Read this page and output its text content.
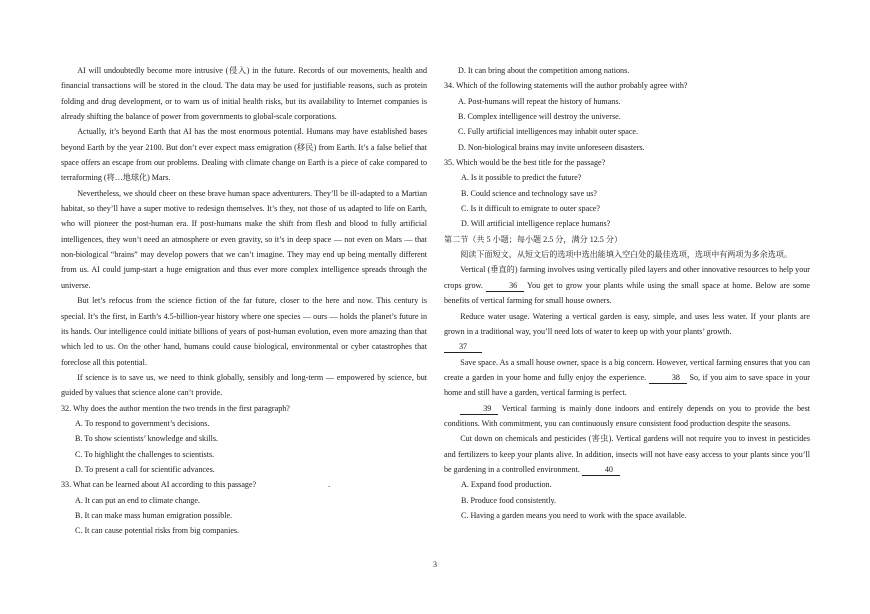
AI will undoubtedly become more intrusive (侵入) in the future. Records of our movements, health and financial transactions will be stored in the cloud. The data may be used for justifiable reasons, such as protein folding and drug development, or to warn us of initial health risks, but its availability to Internet companies is already shifting the balance of power from governments to global-scale corporations.

Actually, it’s beyond Earth that AI has the most enormous potential. Humans may have established bases beyond Earth by the year 2100. But don’t ever expect mass emigration (移民) from Earth. It’s a false belief that space offers an escape from our problems. Dealing with climate change on Earth is a piece of cake compared to terraforming (将…地球化) Mars.

Nevertheless, we should cheer on these brave human space adventurers. They’ll be ill-adapted to a Martian habitat, so they’ll have a super motive to redesign themselves. It’s they, not those of us adapted to life on Earth, who will pioneer the post-human era. If post-humans make the shift from flesh and blood to fully artificial intelligences, they won’t need an atmosphere or even gravity, so it’s in deep space — not even on Mars — that non-biological “brains” may develop powers that we can’t imagine. They may end up being mentally different from us. AI could jump-start a huge emigration and thus ever more complex intelligence spreads through the universe.

But let’s refocus from the science fiction of the far future, closer to the here and now. This century is special. It’s the first, in Earth’s 4.5-billion-year history where one species — ours — holds the planet’s future in its hands. Our intelligence could initiate billions of years of post-human evolution, even more amazing than that which led to us. On the other hand, humans could cause biological, environmental or cyber catastrophes that foreclose all this potential.

If science is to save us, we need to think globally, sensibly and long-term — empowered by science, but guided by values that science alone can’t provide.

32. Why does the author mention the two trends in the first paragraph?

A. To respond to government’s decisions.

B. To show scientists’ knowledge and skills.

C. To highlight the challenges to scientists.

D. To present a call for scientific advances.

33. What can be learned about AI according to this passage?	.

A. It can put an end to climate change.

B. It can make mass human emigration possible.

C. It can cause potential risks from big companies.

D. It can bring about the competition among nations.

34. Which of the following statements will the author probably agree with?

A. Post-humans will repeat the history of humans.

B. Complex intelligence will destroy the universe.

C. Fully artificial intelligences may inhabit outer space.

D. Non-biological brains may invite unforeseen disasters.

35. Which would be the best title for the passage?

A. Is it possible to predict the future?

B. Could science and technology save us?

C. Is it difficult to emigrate to outer space?

D. Will artificial intelligence replace humans?

第二节（共 5 小题；每小题 2.5 分，满分 12.5 分）

阅读下面短文，从短文后的选项中选出能填入空白处的最佳选项，选项中有两项为多余选项。

Vertical (垂直的) farming involves using vertically piled layers and other innovative resources to help your crops grow.	36 You get to grow your plants while using the small space at home. Below are some benefits of vertical farming for small house owners.

Reduce water usage. Watering a vertical garden is easy, simple, and uses less water. If your plants are grown in a traditional way, you’ll need lots of water to keep up with your plants’ growth.

37

Save space. As a small house owner, space is a big concern. However, vertical farming ensures that you can create a garden in your home and fully enjoy the experience.	38 So, if you aim to save space in your home and still have a garden, vertical farming is perfect.

39 Vertical farming is mainly done indoors and entirely depends on you to provide the best conditions. With commitment, you can continuously ensure consistent food production despite the seasons.

Cut down on chemicals and pesticides (害虫). Vertical gardens will not require you to invest in pesticides and fertilizers to keep your plants alive. In addition, insects will not have easy access to your plants since you’ll be gardening in a controlled environment.	40

A. Expand food production.

B. Produce food consistently.

C. Having a garden means you need to work with the space available.

3
